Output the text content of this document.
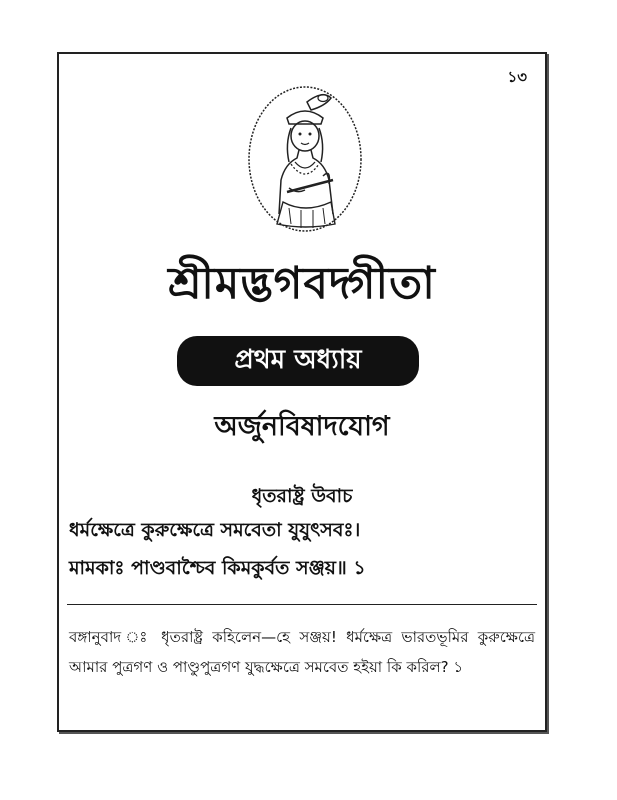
১৩
শ্রীমদ্ভগবদ্গীতা
প্রথম অধ্যায়
অর্জুনবিষাদযোগ
ধৃতরাষ্ট্র উবাচ
ধর্মক্ষেত্রে কুরুক্ষেত্রে সমবেতা যুযুৎসবঃ।
মামকাঃ পাণ্ডবাশ্চৈব কিমকুর্বত সঞ্জয়॥ ১
বঙ্গানুবাদ ঃ ধৃতরাষ্ট্র কহিলেন—হে সঞ্জয়! ধর্মক্ষেত্র ভারতভূমির কুরুক্ষেত্রে আমার পুত্রগণ ও পাণ্ডুপুত্রগণ যুদ্ধক্ষেত্রে সমবেত হইয়া কি করিল? ১
